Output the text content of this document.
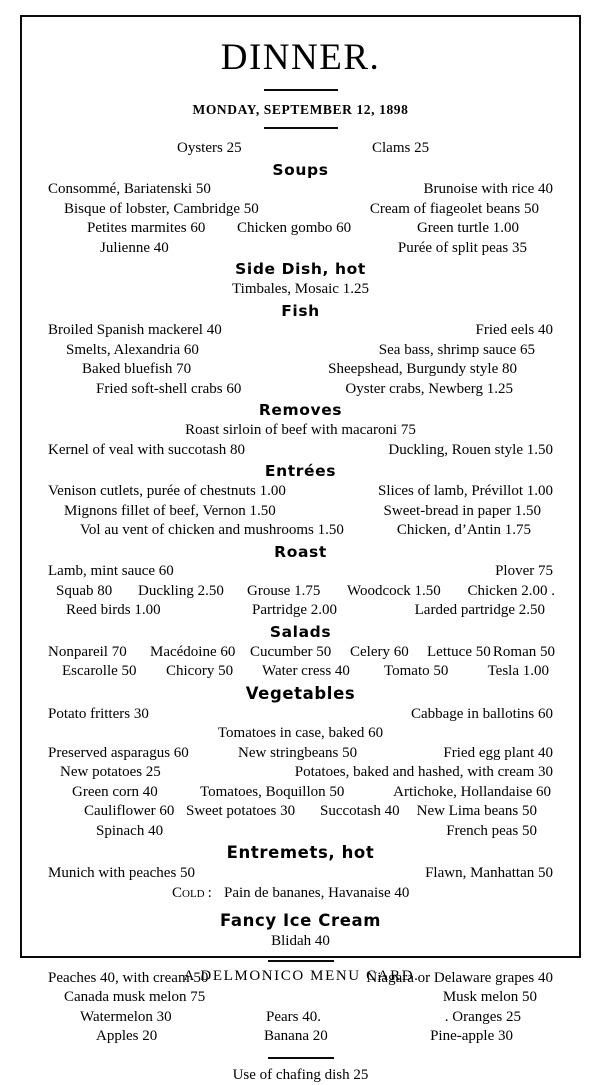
DINNER.
MONDAY, SEPTEMBER 12, 1898
Oysters 25	Clams 25
Soups
Consommé, Bariatenski 50	Brunoise with rice 40
Bisque of lobster, Cambridge 50	Cream of fiageolet beans 50
Petites marmites 60 Chicken gombo 60	Green turtle 1.00
Julienne 40	Purée of split peas 35
Side Dish, hot
Timbales, Mosaic 1.25
Fish
Broiled Spanish mackerel 40	Fried eels 40
Smelts, Alexandria 60	Sea bass, shrimp sauce 65
Baked bluefish 70	Sheepshead, Burgundy style 80
Fried soft-shell crabs 60	Oyster crabs, Newberg 1.25
Removes
Roast sirloin of beef with macaroni 75
Kernel of veal with succotash 80	Duckling, Rouen style 1.50
Entrées
Venison cutlets, purée of chestnuts 1.00	Slices of lamb, Prévillot 1.00
Mignons fillet of beef, Vernon 1.50	Sweet-bread in paper 1.50
Vol au vent of chicken and mushrooms 1.50	Chicken, d’Antin 1.75
Roast
Lamb, mint sauce 60	Plover 75
Squab 80 Duckling 2.50 Grouse 1.75 Woodcock 1.50 Chicken 2.00 .
Reed birds 1.00	Partridge 2.00	Larded partridge 2.50
Salads
Nonpareil 70 Macédoine 60 Cucumber 50 Celery 60 Lettuce 50 Roman 50
Escarolle 50 Chicory 50 Water cress 40 Tomato 50	Tesla 1.00
Vegetables
Potato fritters 30	Cabbage in ballotins 60
Tomatoes in case, baked 60
Preserved asparagus 60	New stringbeans 50	Fried egg plant 40
New potatoes 25	Potatoes, baked and hashed, with cream 30
Green corn 40	Tomatoes, Boquillon 50	Artichoke, Hollandaise 60
Cauliflower 60 Sweet potatoes 30 Succotash 40 New Lima beans 50
Spinach 40	French peas 50
Entremets, hot
Munich with peaches 50	Flawn, Manhattan 50
Cold : Pain de bananes, Havanaise 40
Fancy Ice Cream
Blidah 40
Peaches 40, with cream 50	Niagara or Delaware grapes 40
Canada musk melon 75	Musk melon 50
Watermelon 30	Pears 40.	. Oranges 25
Apples 20	Banana 20	Pine-apple 30
Use of chafing dish 25
A DELMONICO MENU CARD.
